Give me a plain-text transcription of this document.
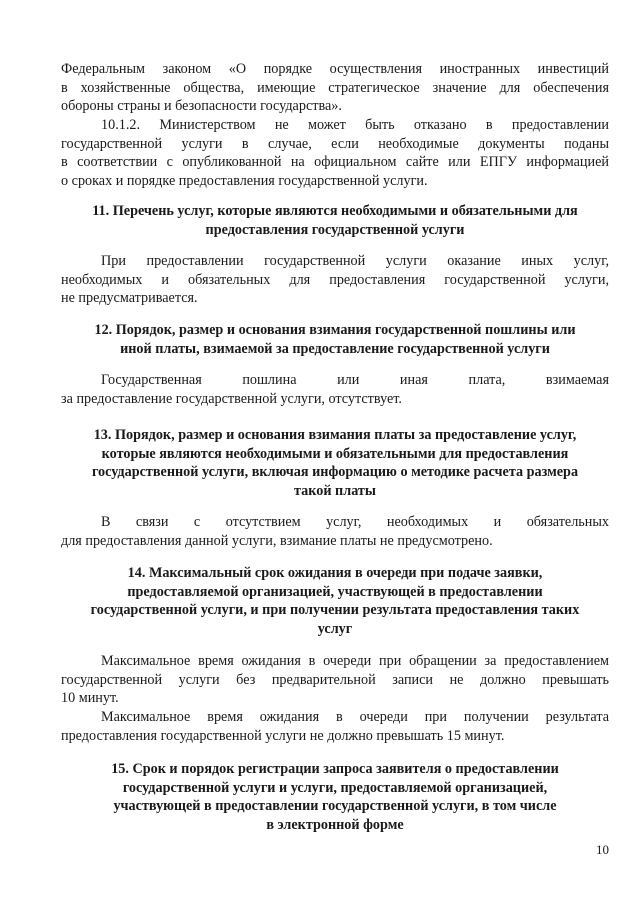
Федеральным законом «О порядке осуществления иностранных инвестиций
в хозяйственные общества, имеющие стратегическое значение для обеспечения
обороны страны и безопасности государства».
10.1.2. Министерством не может быть отказано в предоставлении
государственной услуги в случае, если необходимые документы поданы
в соответствии с опубликованной на официальном сайте или ЕПГУ информацией
о сроках и порядке предоставления государственной услуги.
11. Перечень услуг, которые являются необходимыми и обязательными для
предоставления государственной услуги
При предоставлении государственной услуги оказание иных услуг,
необходимых и обязательных для предоставления государственной услуги,
не предусматривается.
12. Порядок, размер и основания взимания государственной пошлины или
иной платы, взимаемой за предоставление государственной услуги
Государственная пошлина или иная плата, взимаемая
за предоставление государственной услуги, отсутствует.
13. Порядок, размер и основания взимания платы за предоставление услуг,
которые являются необходимыми и обязательными для предоставления
государственной услуги, включая информацию о методике расчета размера
такой платы
В связи с отсутствием услуг, необходимых и обязательных
для предоставления данной услуги, взимание платы не предусмотрено.
14. Максимальный срок ожидания в очереди при подаче заявки,
предоставляемой организацией, участвующей в предоставлении
государственной услуги, и при получении результата предоставления таких
услуг
Максимальное время ожидания в очереди при обращении за предоставлением
государственной услуги без предварительной записи не должно превышать
10 минут.
Максимальное время ожидания в очереди при получении результата
предоставления государственной услуги не должно превышать 15 минут.
15. Срок и порядок регистрации запроса заявителя о предоставлении
государственной услуги и услуги, предоставляемой организацией,
участвующей в предоставлении государственной услуги, в том числе
в электронной форме
10
